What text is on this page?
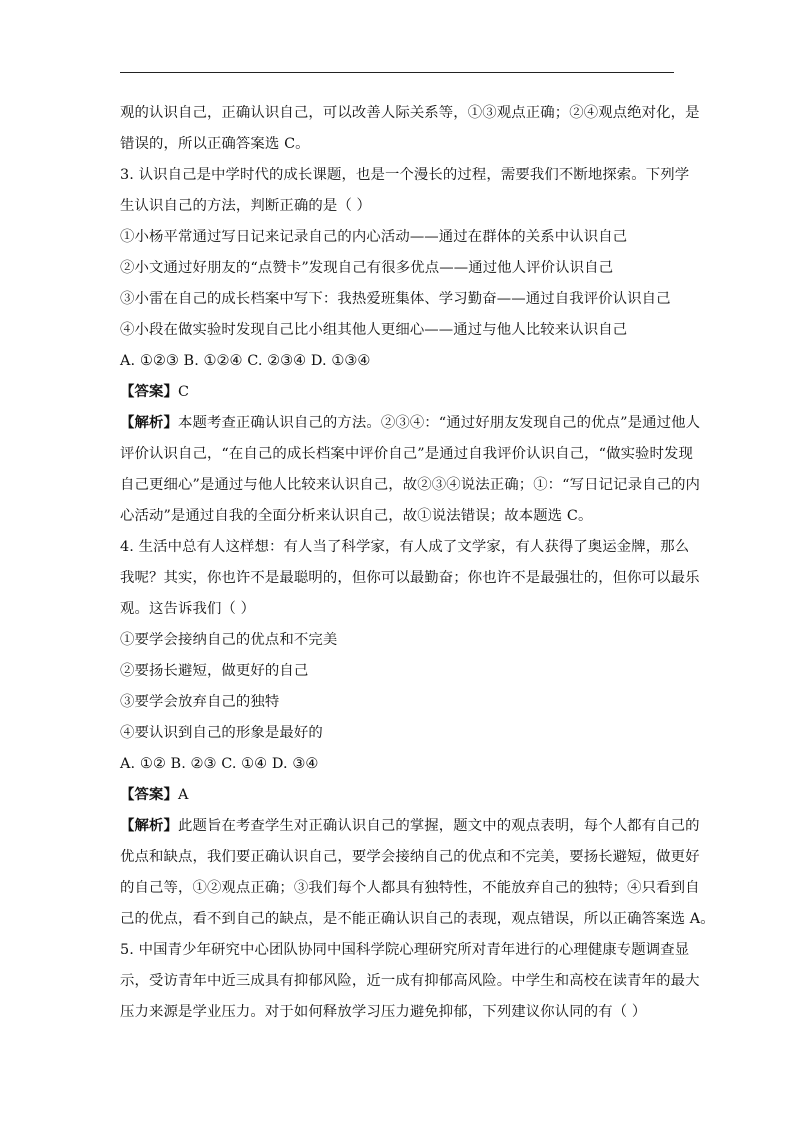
观的认识自己，正确认识自己，可以改善人际关系等，①③观点正确；②④观点绝对化，是
错误的，所以正确答案选 C。
3. 认识自己是中学时代的成长课题，也是一个漫长的过程，需要我们不断地探索。下列学
生认识自己的方法，判断正确的是（ ）
①小杨平常通过写日记来记录自己的内心活动——通过在群体的关系中认识自己
②小文通过好朋友的“点赞卡”发现自己有很多优点——通过他人评价认识自己
③小雷在自己的成长档案中写下：我热爱班集体、学习勤奋——通过自我评价认识自己
④小段在做实验时发现自己比小组其他人更细心——通过与他人比较来认识自己
A. ①②③ B. ①②④ C. ②③④ D. ①③④
【答案】C
【解析】本题考查正确认识自己的方法。②③④：“通过好朋友发现自己的优点”是通过他人
评价认识自己，“在自己的成长档案中评价自己”是通过自我评价认识自己，“做实验时发现
自己更细心”是通过与他人比较来认识自己，故②③④说法正确；①：“写日记记录自己的内
心活动”是通过自我的全面分析来认识自己，故①说法错误；故本题选 C。
4. 生活中总有人这样想：有人当了科学家，有人成了文学家，有人获得了奥运金牌，那么
我呢？其实，你也许不是最聪明的，但你可以最勤奋；你也许不是最强壮的，但你可以最乐
观。这告诉我们（ ）
①要学会接纳自己的优点和不完美
②要扬长避短，做更好的自己
③要学会放弃自己的独特
④要认识到自己的形象是最好的
A. ①② B. ②③ C. ①④ D. ③④
【答案】A
【解析】此题旨在考查学生对正确认识自己的掌握，题文中的观点表明，每个人都有自己的
优点和缺点，我们要正确认识自己，要学会接纳自己的优点和不完美，要扬长避短，做更好
的自己等，①②观点正确；③我们每个人都具有独特性，不能放弃自己的独特；④只看到自
己的优点，看不到自己的缺点，是不能正确认识自己的表现，观点错误，所以正确答案选 A。
5. 中国青少年研究中心团队协同中国科学院心理研究所对青年进行的心理健康专题调查显
示，受访青年中近三成具有抑郁风险，近一成有抑郁高风险。中学生和高校在读青年的最大
压力来源是学业压力。对于如何释放学习压力避免抑郁，下列建议你认同的有（ ）
